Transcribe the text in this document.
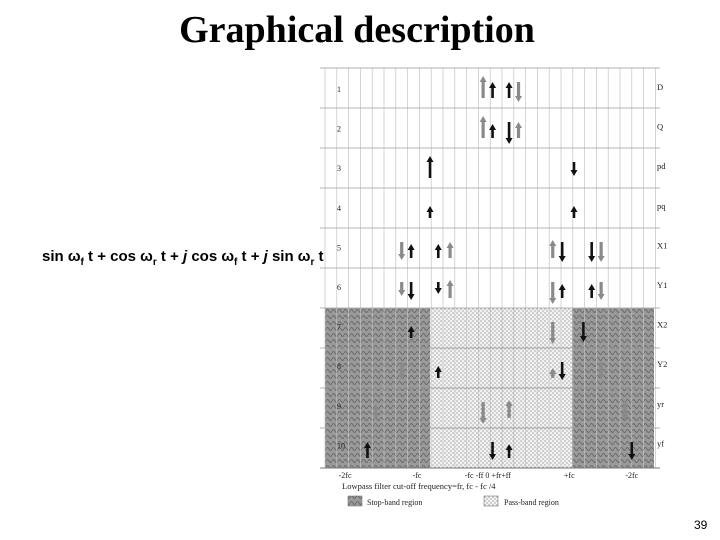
Graphical description
$\sin \omega_f$ $t + \cos \omega_r$ t + j $\cos \omega_f$ t + j $\sin \omega_r$ t
1
2
3
4
5
6
7
8
9
10
D
Q
pd
pq
X1
Y1
X2
Y2
yr
yf
-2fc	-fc	-fc -ff 0 +fr+ff	+fc	-2fc
Lowpass filter cut-off frequency=fr, fc - fc /4
Stop-band region	Pass-band region
39
